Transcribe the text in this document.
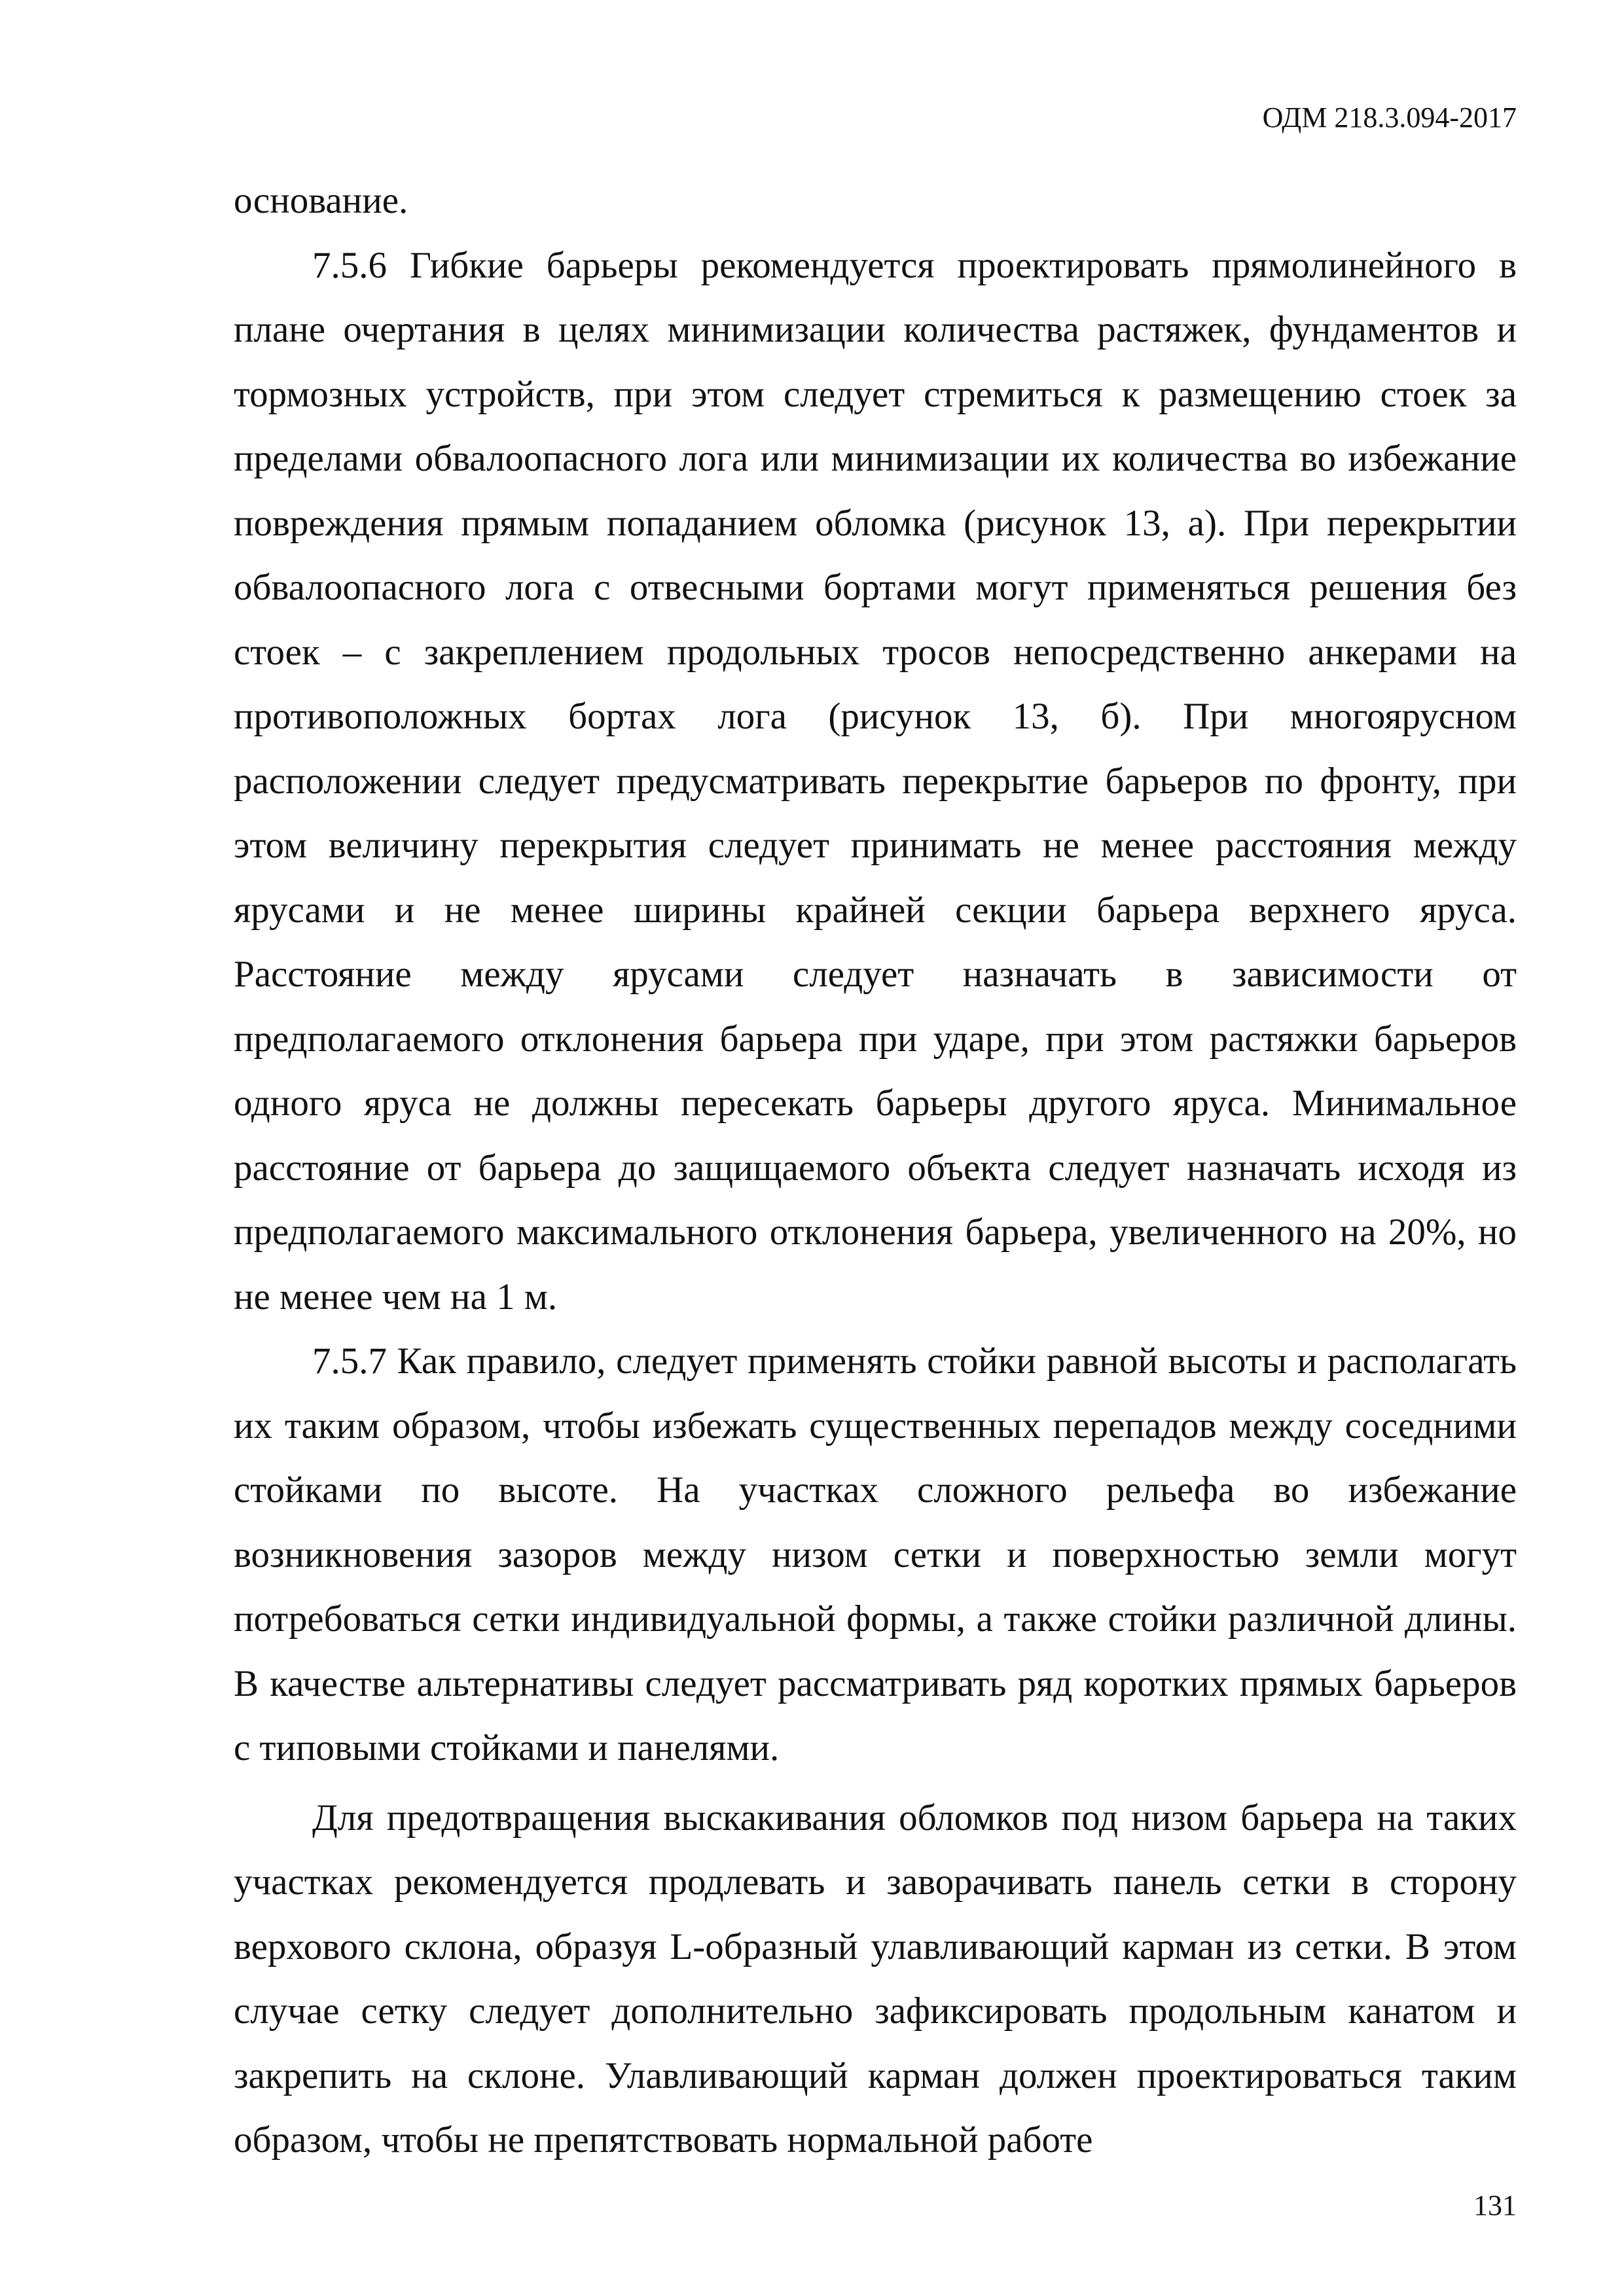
ОДМ 218.3.094-2017

основание.

7.5.6 Гибкие барьеры рекомендуется проектировать прямолинейного в плане очертания в целях минимизации количества растяжек, фундаментов и тормозных устройств, при этом следует стремиться к размещению стоек за пределами обвалоопасного лога или минимизации их количества во избежание повреждения прямым попаданием обломка (рисунок 13, а). При перекрытии обвалоопасного лога с отвесными бортами могут применяться решения без стоек – с закреплением продольных тросов непосредственно анкерами на противоположных бортах лога (рисунок 13, б). При многоярусном расположении следует предусматривать перекрытие барьеров по фронту, при этом величину перекрытия следует принимать не менее расстояния между ярусами и не менее ширины крайней секции барьера верхнего яруса. Расстояние между ярусами следует назначать в зависимости от предполагаемого отклонения барьера при ударе, при этом растяжки барьеров одного яруса не должны пересекать барьеры другого яруса. Минимальное расстояние от барьера до защищаемого объекта следует назначать исходя из предполагаемого максимального отклонения барьера, увеличенного на 20%, но не менее чем на 1 м.

7.5.7 Как правило, следует применять стойки равной высоты и располагать их таким образом, чтобы избежать существенных перепадов между соседними стойками по высоте. На участках сложного рельефа во избежание возникновения зазоров между низом сетки и поверхностью земли могут потребоваться сетки индивидуальной формы, а также стойки различной длины. В качестве альтернативы следует рассматривать ряд коротких прямых барьеров с типовыми стойками и панелями.

Для предотвращения выскакивания обломков под низом барьера на таких участках рекомендуется продлевать и заворачивать панель сетки в сторону верхового склона, образуя L-образный улавливающий карман из сетки. В этом случае сетку следует дополнительно зафиксировать продольным канатом и закрепить на склоне. Улавливающий карман должен проектироваться таким образом, чтобы не препятствовать нормальной работе

131
